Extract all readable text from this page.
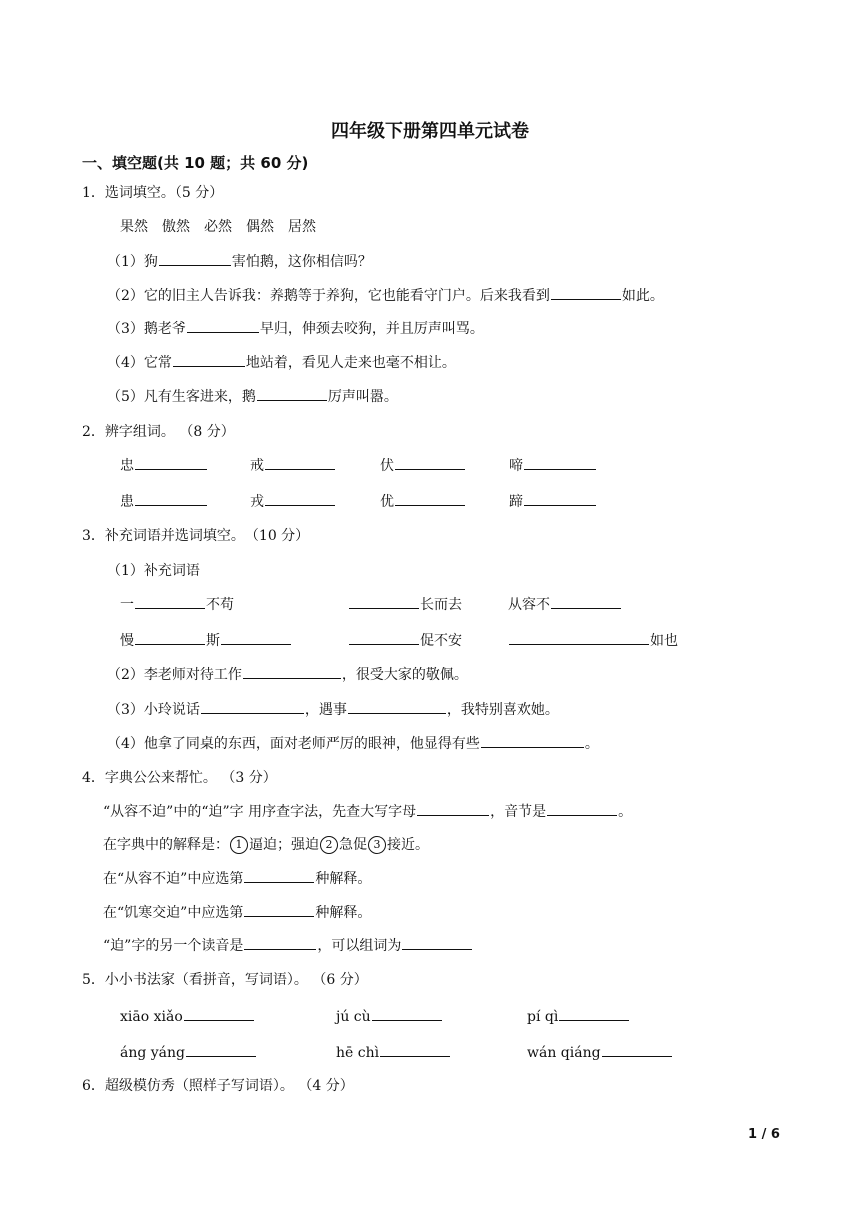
四年级下册第四单元试卷
一、填空题(共 10 题；共 60 分)
1．选词填空。（5 分）
果然　傲然　必然　偶然　居然
（1）狗	害怕鹅，这你相信吗？
（2）它的旧主人告诉我：养鹅等于养狗，它也能看守门户。后来我看到	如此。
（3）鹅老爷	早归，伸颈去咬狗，并且厉声叫骂。
（4）它常	地站着，看见人走来也毫不相让。
（5）凡有生客进来，鹅	厉声叫嚣。
2．辨字组词。 （8 分）
忠	戒	伏	啼
患	戎	优	蹄
3．补充词语并选词填空。　（10 分）
（1）补充词语
一	不苟	长而去	从容不
慢	斯	促不安	如也
（2）李老师对待工作	，很受大家的敬佩。
（3）小玲说话	，遇事	，我特别喜欢她。
（4）他拿了同桌的东西，面对老师严厉的眼神，他显得有些	。
4．字典公公来帮忙。 （3 分）
“从容不迫”中的“迫”字 用序查字法，先查大写字母	，音节是	。
在字典中的解释是： 1 逼迫；强迫 2 急促 3 接近。
在“从容不迫”中应选第	种解释。
在“饥寒交迫”中应选第	种解释。
“迫”字的另一个读音是	，可以组词为
5．小小书法家（看拼音，写词语）。 （6 分）
xiāo xiǎo	jú cù	pí qì
áng yáng	hē chì	wán qiáng
6．超级模仿秀（照样子写词语）。 （4 分）
1 / 6
